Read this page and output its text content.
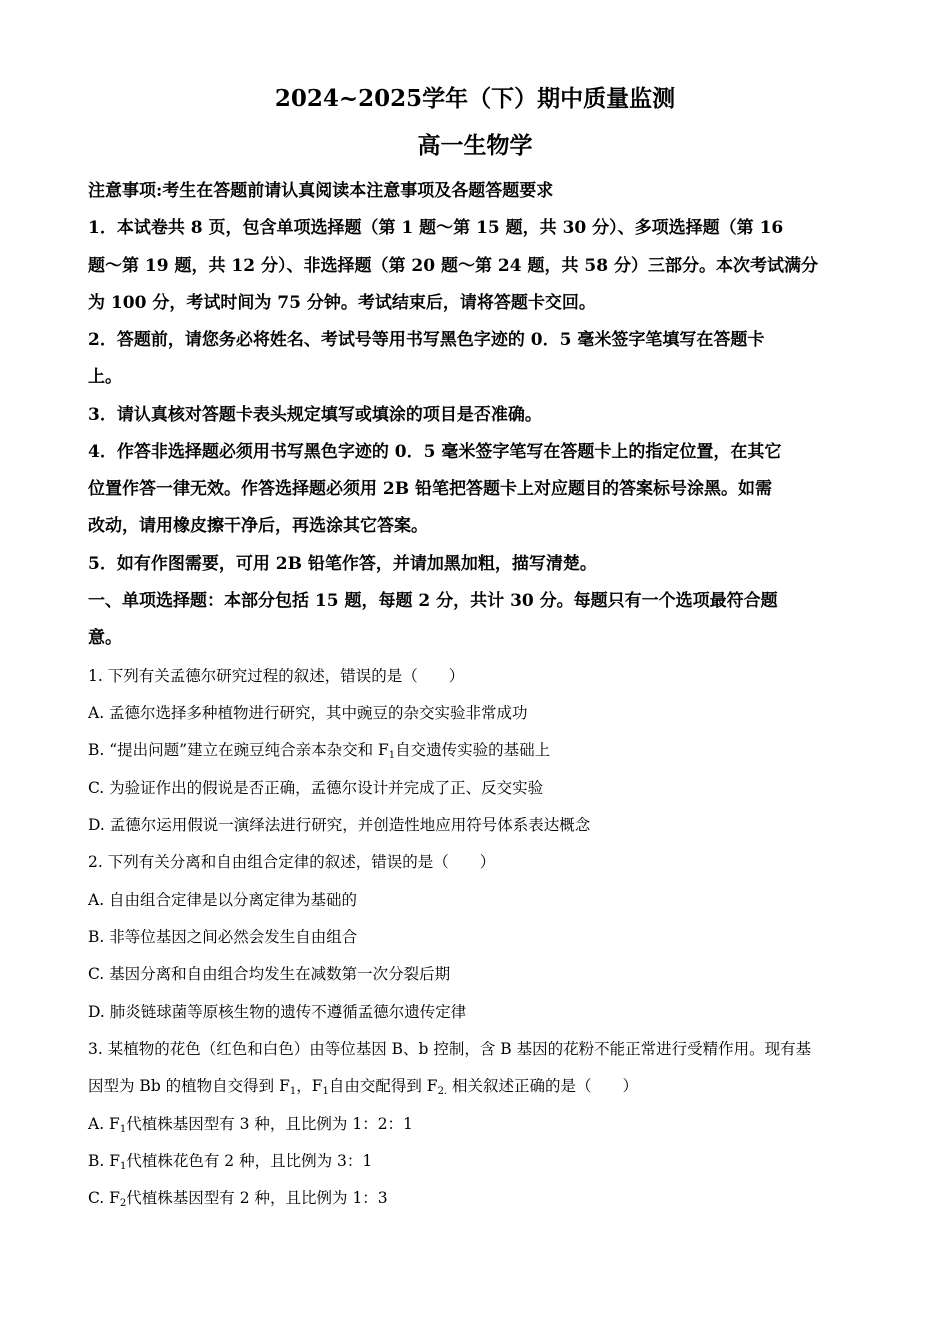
2024~2025学年（下）期中质量监测
高一生物学

注意事项:考生在答题前请认真阅读本注意事项及各题答题要求

1．本试卷共 8 页，包含单项选择题（第 1 题～第 15 题，共 30 分）、多项选择题（第 16

题～第 19 题，共 12 分）、非选择题（第 20 题～第 24 题，共 58 分）三部分。本次考试满分

为 100 分，考试时间为 75 分钟。考试结束后，请将答题卡交回。

2．答题前，请您务必将姓名、考试号等用书写黑色字迹的 0．5 毫米签字笔填写在答题卡

上。

3．请认真核对答题卡表头规定填写或填涂的项目是否准确。

4．作答非选择题必须用书写黑色字迹的 0．5 毫米签字笔写在答题卡上的指定位置，在其它

位置作答一律无效。作答选择题必须用 2B 铅笔把答题卡上对应题目的答案标号涂黑。如需

改动，请用橡皮擦干净后，再选涂其它答案。

5．如有作图需要，可用 2B 铅笔作答，并请加黑加粗，描写清楚。

一、单项选择题：本部分包括 15 题，每题 2 分，共计 30 分。每题只有一个选项最符合题

意。

1. 下列有关孟德尔研究过程的叙述，错误的是（　　）

A. 孟德尔选择多种植物进行研究，其中豌豆的杂交实验非常成功

B. “提出问题”建立在豌豆纯合亲本杂交和 $F_1$自交遗传实验的基础上

C. 为验证作出的假说是否正确，孟德尔设计并完成了正、反交实验

D. 孟德尔运用假说一演绎法进行研究，并创造性地应用符号体系表达概念

2. 下列有关分离和自由组合定律的叙述，错误的是（　　）

A. 自由组合定律是以分离定律为基础的

B. 非等位基因之间必然会发生自由组合

C. 基因分离和自由组合均发生在减数第一次分裂后期

D. 肺炎链球菌等原核生物的遗传不遵循孟德尔遗传定律

3. 某植物的花色（红色和白色）由等位基因 B、b 控制，含 B 基因的花粉不能正常进行受精作用。现有基

因型为 Bb 的植物自交得到 $F_1$，$F_1$自由交配得到 $F_{2.}$ 相关叙述正确的是（　　）

A. $F_1$代植株基因型有 3 种，且比例为 1：2：1

B. $F_1$代植株花色有 2 种，且比例为 3：1

C. $F_2$代植株基因型有 2 种，且比例为 1：3
